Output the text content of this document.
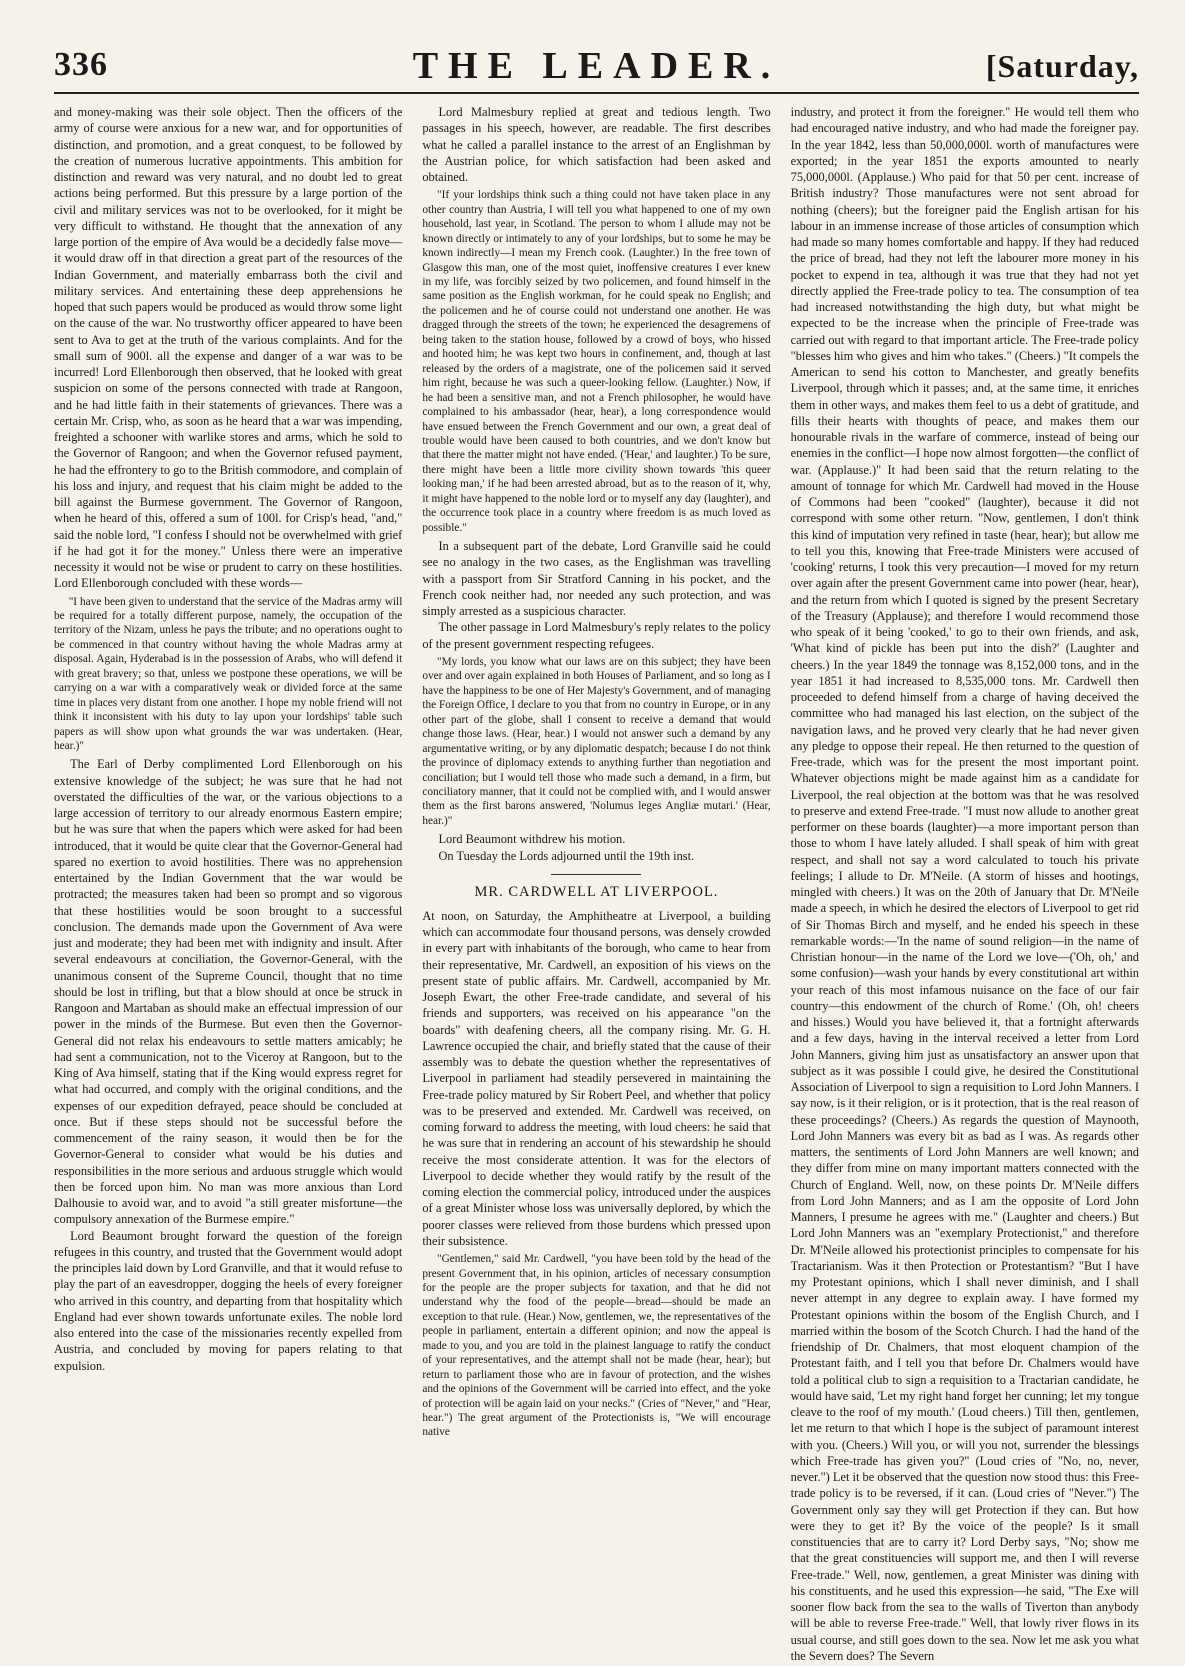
336	THE LEADER.	[Saturday,

and money-making was their sole object. Then the officers of the army of course were anxious for a new war, and for opportunities of distinction, and promotion, and a great conquest, to be followed by the creation of numerous lucrative appointments. This ambition for distinction and reward was very natural, and no doubt led to great actions being performed. But this pressure by a large portion of the civil and military services was not to be overlooked, for it might be very difficult to withstand. He thought that the annexation of any large portion of the empire of Ava would be a decidedly false move—it would draw off in that direction a great part of the resources of the Indian Government, and materially embarrass both the civil and military services. And entertaining these deep apprehensions he hoped that such papers would be produced as would throw some light on the cause of the war. No trustworthy officer appeared to have been sent to Ava to get at the truth of the various complaints. And for the small sum of 900l. all the expense and danger of a war was to be incurred! Lord Ellenborough then observed, that he looked with great suspicion on some of the persons connected with trade at Rangoon, and he had little faith in their statements of grievances. There was a certain Mr. Crisp, who, as soon as he heard that a war was impending, freighted a schooner with warlike stores and arms, which he sold to the Governor of Rangoon; and when the Governor refused payment, he had the effrontery to go to the British commodore, and complain of his loss and injury, and request that his claim might be added to the bill against the Burmese government. The Governor of Rangoon, when he heard of this, offered a sum of 100l. for Crisp's head, "and," said the noble lord, "I confess I should not be overwhelmed with grief if he had got it for the money." Unless there were an imperative necessity it would not be wise or prudent to carry on these hostilities. Lord Ellenborough concluded with these words—

"I have been given to understand that the service of the Madras army will be required for a totally different purpose, namely, the occupation of the territory of the Nizam, unless he pays the tribute; and no operations ought to be commenced in that country without having the whole Madras army at disposal. Again, Hyderabad is in the possession of Arabs, who will defend it with great bravery; so that, unless we postpone these operations, we will be carrying on a war with a comparatively weak or divided force at the same time in places very distant from one another. I hope my noble friend will not think it inconsistent with his duty to lay upon your lordships' table such papers as will show upon what grounds the war was undertaken. (Hear, hear.)"

The Earl of Derby complimented Lord Ellenborough on his extensive knowledge of the subject; he was sure that he had not overstated the difficulties of the war, or the various objections to a large accession of territory to our already enormous Eastern empire; but he was sure that when the papers which were asked for had been introduced, that it would be quite clear that the Governor-General had spared no exertion to avoid hostilities. There was no apprehension entertained by the Indian Government that the war would be protracted; the measures taken had been so prompt and so vigorous that these hostilities would be soon brought to a successful conclusion. The demands made upon the Government of Ava were just and moderate; they had been met with indignity and insult. After several endeavours at conciliation, the Governor-General, with the unanimous consent of the Supreme Council, thought that no time should be lost in trifling, but that a blow should at once be struck in Rangoon and Martaban as should make an effectual impression of our power in the minds of the Burmese. But even then the Governor-General did not relax his endeavours to settle matters amicably; he had sent a communication, not to the Viceroy at Rangoon, but to the King of Ava himself, stating that if the King would express regret for what had occurred, and comply with the original conditions, and the expenses of our expedition defrayed, peace should be concluded at once. But if these steps should not be successful before the commencement of the rainy season, it would then be for the Governor-General to consider what would be his duties and responsibilities in the more serious and arduous struggle which would then be forced upon him. No man was more anxious than Lord Dalhousie to avoid war, and to avoid "a still greater misfortune—the compulsory annexation of the Burmese empire."

Lord Beaumont brought forward the question of the foreign refugees in this country, and trusted that the Government would adopt the principles laid down by Lord Granville, and that it would refuse to play the part of an eavesdropper, dogging the heels of every foreigner who arrived in this country, and departing from that hospitality which England had ever shown towards unfortunate exiles. The noble lord also entered into the case of the missionaries recently expelled from Austria, and concluded by moving for papers relating to that expulsion.

Lord Malmesbury replied at great and tedious length. Two passages in his speech, however, are readable. The first describes what he called a parallel instance to the arrest of an Englishman by the Austrian police, for which satisfaction had been asked and obtained.

"If your lordships think such a thing could not have taken place in any other country than Austria, I will tell you what happened to one of my own household, last year, in Scotland. The person to whom I allude may not be known directly or intimately to any of your lordships, but to some he may be known indirectly—I mean my French cook. (Laughter.) In the free town of Glasgow this man, one of the most quiet, inoffensive creatures I ever knew in my life, was forcibly seized by two policemen, and found himself in the same position as the English workman, for he could speak no English; and the policemen and he of course could not understand one another. He was dragged through the streets of the town; he experienced the desagremens of being taken to the station house, followed by a crowd of boys, who hissed and hooted him; he was kept two hours in confinement, and, though at last released by the orders of a magistrate, one of the policemen said it served him right, because he was such a queer-looking fellow. (Laughter.) Now, if he had been a sensitive man, and not a French philosopher, he would have complained to his ambassador (hear, hear), a long correspondence would have ensued between the French Government and our own, a great deal of trouble would have been caused to both countries, and we don't know but that there the matter might not have ended. ('Hear,' and laughter.) To be sure, there might have been a little more civility shown towards 'this queer looking man,' if he had been arrested abroad, but as to the reason of it, why, it might have happened to the noble lord or to myself any day (laughter), and the occurrence took place in a country where freedom is as much loved as possible."

In a subsequent part of the debate, Lord Granville said he could see no analogy in the two cases, as the Englishman was travelling with a passport from Sir Stratford Canning in his pocket, and the French cook neither had, nor needed any such protection, and was simply arrested as a suspicious character.

The other passage in Lord Malmesbury's reply relates to the policy of the present government respecting refugees.

"My lords, you know what our laws are on this subject; they have been over and over again explained in both Houses of Parliament, and so long as I have the happiness to be one of Her Majesty's Government, and of managing the Foreign Office, I declare to you that from no country in Europe, or in any other part of the globe, shall I consent to receive a demand that would change those laws. (Hear, hear.) I would not answer such a demand by any argumentative writing, or by any diplomatic despatch; because I do not think the province of diplomacy extends to anything further than negotiation and conciliation; but I would tell those who made such a demand, in a firm, but conciliatory manner, that it could not be complied with, and I would answer them as the first barons answered, 'Nolumus leges Angliæ mutari.' (Hear, hear.)"

Lord Beaumont withdrew his motion.

On Tuesday the Lords adjourned until the 19th inst.

MR. CARDWELL AT LIVERPOOL.

At noon, on Saturday, the Amphitheatre at Liverpool, a building which can accommodate four thousand persons, was densely crowded in every part with inhabitants of the borough, who came to hear from their representative, Mr. Cardwell, an exposition of his views on the present state of public affairs. Mr. Cardwell, accompanied by Mr. Joseph Ewart, the other Free-trade candidate, and several of his friends and supporters, was received on his appearance "on the boards" with deafening cheers, all the company rising. Mr. G. H. Lawrence occupied the chair, and briefly stated that the cause of their assembly was to debate the question whether the representatives of Liverpool in parliament had steadily persevered in maintaining the Free-trade policy matured by Sir Robert Peel, and whether that policy was to be preserved and extended. Mr. Cardwell was received, on coming forward to address the meeting, with loud cheers: he said that he was sure that in rendering an account of his stewardship he should receive the most considerate attention. It was for the electors of Liverpool to decide whether they would ratify by the result of the coming election the commercial policy, introduced under the auspices of a great Minister whose loss was universally deplored, by which the poorer classes were relieved from those burdens which pressed upon their subsistence.

"Gentlemen," said Mr. Cardwell, "you have been told by the head of the present Government that, in his opinion, articles of necessary consumption for the people are the proper subjects for taxation, and that he did not understand why the food of the people—bread—should be made an exception to that rule. (Hear.) Now, gentlemen, we, the representatives of the people in parliament, entertain a different opinion; and now the appeal is made to you, and you are told in the plainest language to ratify the conduct of your representatives, and the attempt shall not be made (hear, hear); but return to parliament those who are in favour of protection, and the wishes and the opinions of the Government will be carried into effect, and the yoke of protection will be again laid on your necks." (Cries of "Never," and "Hear, hear.") The great argument of the Protectionists is, "We will encourage native

industry, and protect it from the foreigner." He would tell them who had encouraged native industry, and who had made the foreigner pay. In the year 1842, less than 50,000,000l. worth of manufactures were exported; in the year 1851 the exports amounted to nearly 75,000,000l. (Applause.) Who paid for that 50 per cent. increase of British industry? Those manufactures were not sent abroad for nothing (cheers); but the foreigner paid the English artisan for his labour in an immense increase of those articles of consumption which had made so many homes comfortable and happy. If they had reduced the price of bread, had they not left the labourer more money in his pocket to expend in tea, although it was true that they had not yet directly applied the Free-trade policy to tea. The consumption of tea had increased notwithstanding the high duty, but what might be expected to be the increase when the principle of Free-trade was carried out with regard to that important article. The Free-trade policy "blesses him who gives and him who takes." (Cheers.) "It compels the American to send his cotton to Manchester, and greatly benefits Liverpool, through which it passes; and, at the same time, it enriches them in other ways, and makes them feel to us a debt of gratitude, and fills their hearts with thoughts of peace, and makes them our honourable rivals in the warfare of commerce, instead of being our enemies in the conflict—I hope now almost forgotten—the conflict of war. (Applause.)" It had been said that the return relating to the amount of tonnage for which Mr. Cardwell had moved in the House of Commons had been "cooked" (laughter), because it did not correspond with some other return. "Now, gentlemen, I don't think this kind of imputation very refined in taste (hear, hear); but allow me to tell you this, knowing that Free-trade Ministers were accused of 'cooking' returns, I took this very precaution—I moved for my return over again after the present Government came into power (hear, hear), and the return from which I quoted is signed by the present Secretary of the Treasury (Applause); and therefore I would recommend those who speak of it being 'cooked,' to go to their own friends, and ask, 'What kind of pickle has been put into the dish?' (Laughter and cheers.) In the year 1849 the tonnage was 8,152,000 tons, and in the year 1851 it had increased to 8,535,000 tons. Mr. Cardwell then proceeded to defend himself from a charge of having deceived the committee who had managed his last election, on the subject of the navigation laws, and he proved very clearly that he had never given any pledge to oppose their repeal. He then returned to the question of Free-trade, which was for the present the most important point. Whatever objections might be made against him as a candidate for Liverpool, the real objection at the bottom was that he was resolved to preserve and extend Free-trade. "I must now allude to another great performer on these boards (laughter)—a more important person than those to whom I have lately alluded. I shall speak of him with great respect, and shall not say a word calculated to touch his private feelings; I allude to Dr. M'Neile. (A storm of hisses and hootings, mingled with cheers.) It was on the 20th of January that Dr. M'Neile made a speech, in which he desired the electors of Liverpool to get rid of Sir Thomas Birch and myself, and he ended his speech in these remarkable words:—'In the name of sound religion—in the name of Christian honour—in the name of the Lord we love—('Oh, oh,' and some confusion)—wash your hands by every constitutional art within your reach of this most infamous nuisance on the face of our fair country—this endowment of the church of Rome.' (Oh, oh! cheers and hisses.) Would you have believed it, that a fortnight afterwards and a few days, having in the interval received a letter from Lord John Manners, giving him just as unsatisfactory an answer upon that subject as it was possible I could give, he desired the Constitutional Association of Liverpool to sign a requisition to Lord John Manners. I say now, is it their religion, or is it protection, that is the real reason of these proceedings? (Cheers.) As regards the question of Maynooth, Lord John Manners was every bit as bad as I was. As regards other matters, the sentiments of Lord John Manners are well known; and they differ from mine on many important matters connected with the Church of England. Well, now, on these points Dr. M'Neile differs from Lord John Manners; and as I am the opposite of Lord John Manners, I presume he agrees with me." (Laughter and cheers.) But Lord John Manners was an "exemplary Protectionist," and therefore Dr. M'Neile allowed his protectionist principles to compensate for his Tractarianism. Was it then Protection or Protestantism? "But I have my Protestant opinions, which I shall never diminish, and I shall never attempt in any degree to explain away. I have formed my Protestant opinions within the bosom of the English Church, and I married within the bosom of the Scotch Church. I had the hand of the friendship of Dr. Chalmers, that most eloquent champion of the Protestant faith, and I tell you that before Dr. Chalmers would have told a political club to sign a requisition to a Tractarian candidate, he would have said, 'Let my right hand forget her cunning; let my tongue cleave to the roof of my mouth.' (Loud cheers.) Till then, gentlemen, let me return to that which I hope is the subject of paramount interest with you. (Cheers.) Will you, or will you not, surrender the blessings which Free-trade has given you?" (Loud cries of "No, no, never, never.") Let it be observed that the question now stood thus: this Free-trade policy is to be reversed, if it can. (Loud cries of "Never.") The Government only say they will get Protection if they can. But how were they to get it? By the voice of the people? Is it small constituencies that are to carry it? Lord Derby says, "No; show me that the great constituencies will support me, and then I will reverse Free-trade." Well, now, gentlemen, a great Minister was dining with his constituents, and he used this expression—he said, "The Exe will sooner flow back from the sea to the walls of Tiverton than anybody will be able to reverse Free-trade." Well, that lowly river flows in its usual course, and still goes down to the sea. Now let me ask you what the Severn does? The Severn
